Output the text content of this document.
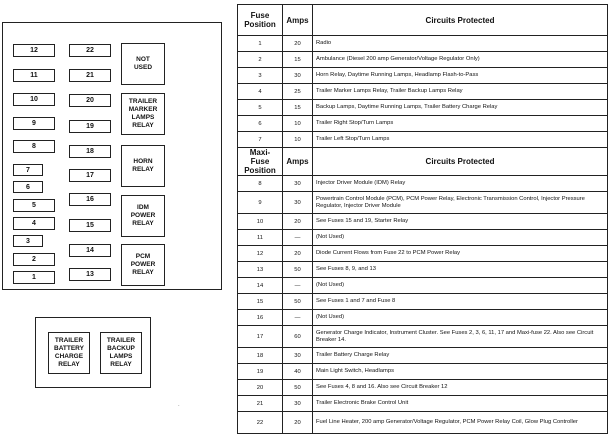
12
11
10
9
8
7
6
5
4
3
2
1
22
21
20
19
18
17
16
15
14
13
NOT
USED
TRAILER
MARKER
LAMPS
RELAY
HORN
RELAY
IDM
POWER
RELAY
PCM
POWER
RELAY
TRAILER
BATTERY
CHARGE
RELAY
TRAILER
BACKUP
LAMPS
RELAY
.
Fuse Position	Amps	Circuits Protected
1	20	Radio
2	15	Ambulance (Diesel 200 amp Generator/Voltage Regulator Only)
3	30	Horn Relay, Daytime Running Lamps, Headlamp Flash-to-Pass
4	25	Trailer Marker Lamps Relay, Trailer Backup Lamps Relay
5	15	Backup Lamps, Daytime Running Lamps, Trailer Battery Charge Relay
6	10	Trailer Right Stop/Turn Lamps
7	10	Trailer Left Stop/Turn Lamps
Maxi-Fuse Position	Amps	Circuits Protected
8	30	Injector Driver Module (IDM) Relay
9	30	Powertrain Control Module (PCM), PCM Power Relay, Electronic Transmission Control, Injector Pressure Regulator, Injector Driver Module
10	20	See Fuses 15 and 19, Starter Relay
11	—	(Not Used)
12	20	Diode Current Flows from Fuse 22 to PCM Power Relay
13	50	See Fuses 8, 9, and 13
14	—	(Not Used)
15	50	See Fuses 1 and 7 and Fuse 8
16	—	(Not Used)
17	60	Generator Charge Indicator, Instrument Cluster. See Fuses 2, 3, 6, 11, 17 and Maxi-fuse 22. Also see Circuit Breaker 14.
18	30	Trailer Battery Charge Relay
19	40	Main Light Switch, Headlamps
20	50	See Fuses 4, 8 and 16. Also see Circuit Breaker 12
21	30	Trailer Electronic Brake Control Unit
22	20	Fuel Line Heater, 200 amp Generator/Voltage Regulator, PCM Power Relay Coil, Glow Plug Controller
